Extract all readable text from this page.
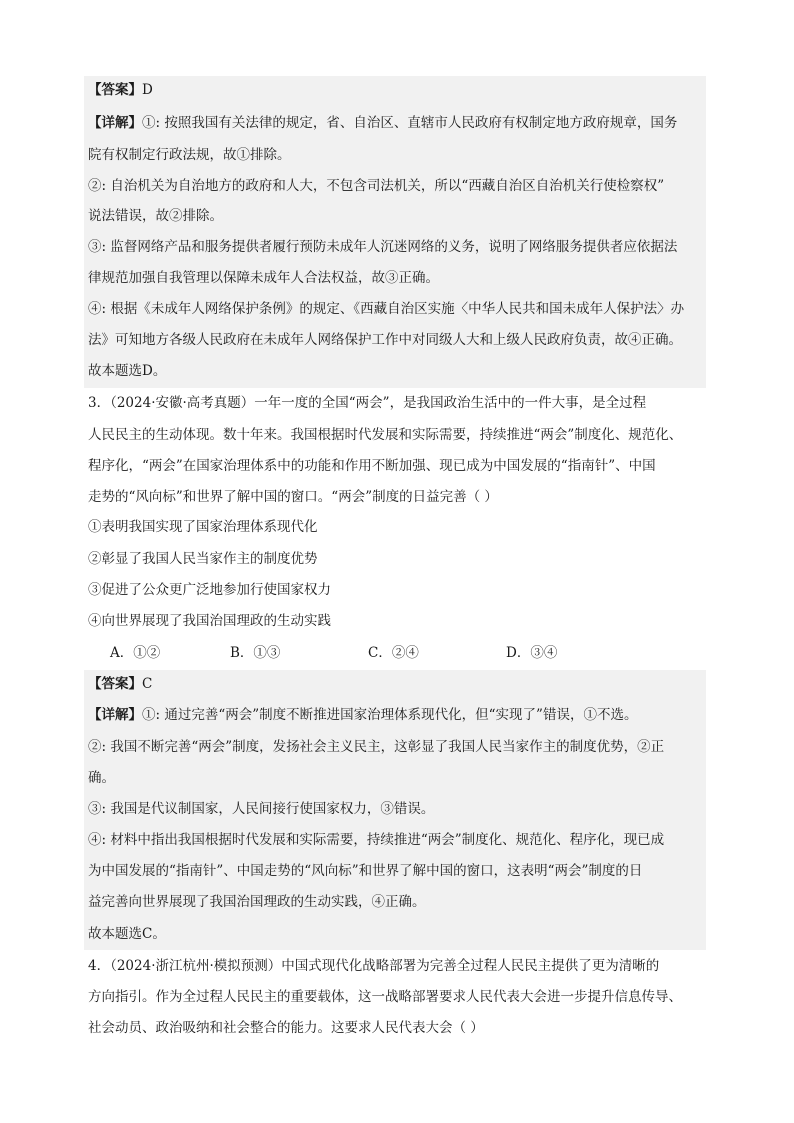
【答案】D
【详解】①: 按照我国有关法律的规定，省、自治区、直辖市人民政府有权制定地方政府规章，国务
院有权制定行政法规，故①排除。
②: 自治机关为自治地方的政府和人大，不包含司法机关，所以“西藏自治区自治机关行使检察权”
说法错误，故②排除。
③: 监督网络产品和服务提供者履行预防未成年人沉迷网络的义务，说明了网络服务提供者应依据法
律规范加强自我管理以保障未成年人合法权益，故③正确。
④: 根据《未成年人网络保护条例》的规定、《西藏自治区实施〈中华人民共和国未成年人保护法〉办
法》可知地方各级人民政府在未成年人网络保护工作中对同级人大和上级人民政府负责，故④正确。
故本题选D。
3．（2024·安徽·高考真题）一年一度的全国“两会”，是我国政治生活中的一件大事，是全过程
人民民主的生动体现。数十年来。我国根据时代发展和实际需要，持续推进“两会”制度化、规范化、
程序化，“两会”在国家治理体系中的功能和作用不断加强、现已成为中国发展的“指南针”、中国
走势的“风向标”和世界了解中国的窗口。“两会”制度的日益完善（ ）
①表明我国实现了国家治理体系现代化
②彰显了我国人民当家作主的制度优势
③促进了公众更广泛地参加行使国家权力
④向世界展现了我国治国理政的生动实践
A．①②	B．①③	C．②④	D．③④
【答案】C
【详解】①: 通过完善“两会”制度不断推进国家治理体系现代化，但“实现了”错误，①不选。
②: 我国不断完善“两会”制度，发扬社会主义民主，这彰显了我国人民当家作主的制度优势，②正
确。
③: 我国是代议制国家，人民间接行使国家权力，③错误。
④: 材料中指出我国根据时代发展和实际需要，持续推进“两会”制度化、规范化、程序化，现已成
为中国发展的“指南针”、中国走势的“风向标”和世界了解中国的窗口，这表明“两会”制度的日
益完善向世界展现了我国治国理政的生动实践，④正确。
故本题选C。
4．（2024·浙江杭州·模拟预测）中国式现代化战略部署为完善全过程人民民主提供了更为清晰的
方向指引。作为全过程人民民主的重要载体，这一战略部署要求人民代表大会进一步提升信息传导、
社会动员、政治吸纳和社会整合的能力。这要求人民代表大会（ ）
